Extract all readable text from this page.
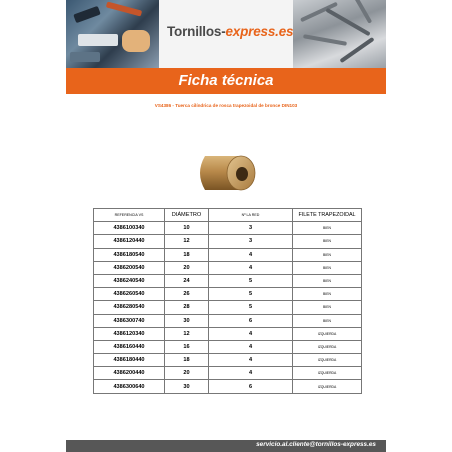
Tornillos-express.es
Ficha técnica
VS4386 - Tuerca cilíndrica de rosca trapezoidal de bronce DIN103
REFERENCIA VS	DIÁMETRO	Nº LA RED	FILETE TRAPEZOIDAL
4386100340	10	3	BIEN
4386120440	12	3	BIEN
4386180540	18	4	BIEN
4386200540	20	4	BIEN
4386240540	24	5	BIEN
4386260540	26	5	BIEN
4386280540	28	5	BIEN
4386300740	30	6	BIEN
4386120340	12	4	IZQUIERDA
4386160440	16	4	IZQUIERDA
4386180440	18	4	IZQUIERDA
4386200440	20	4	IZQUIERDA
4386300640	30	6	IZQUIERDA
servicio.al.cliente@tornillos-express.es
